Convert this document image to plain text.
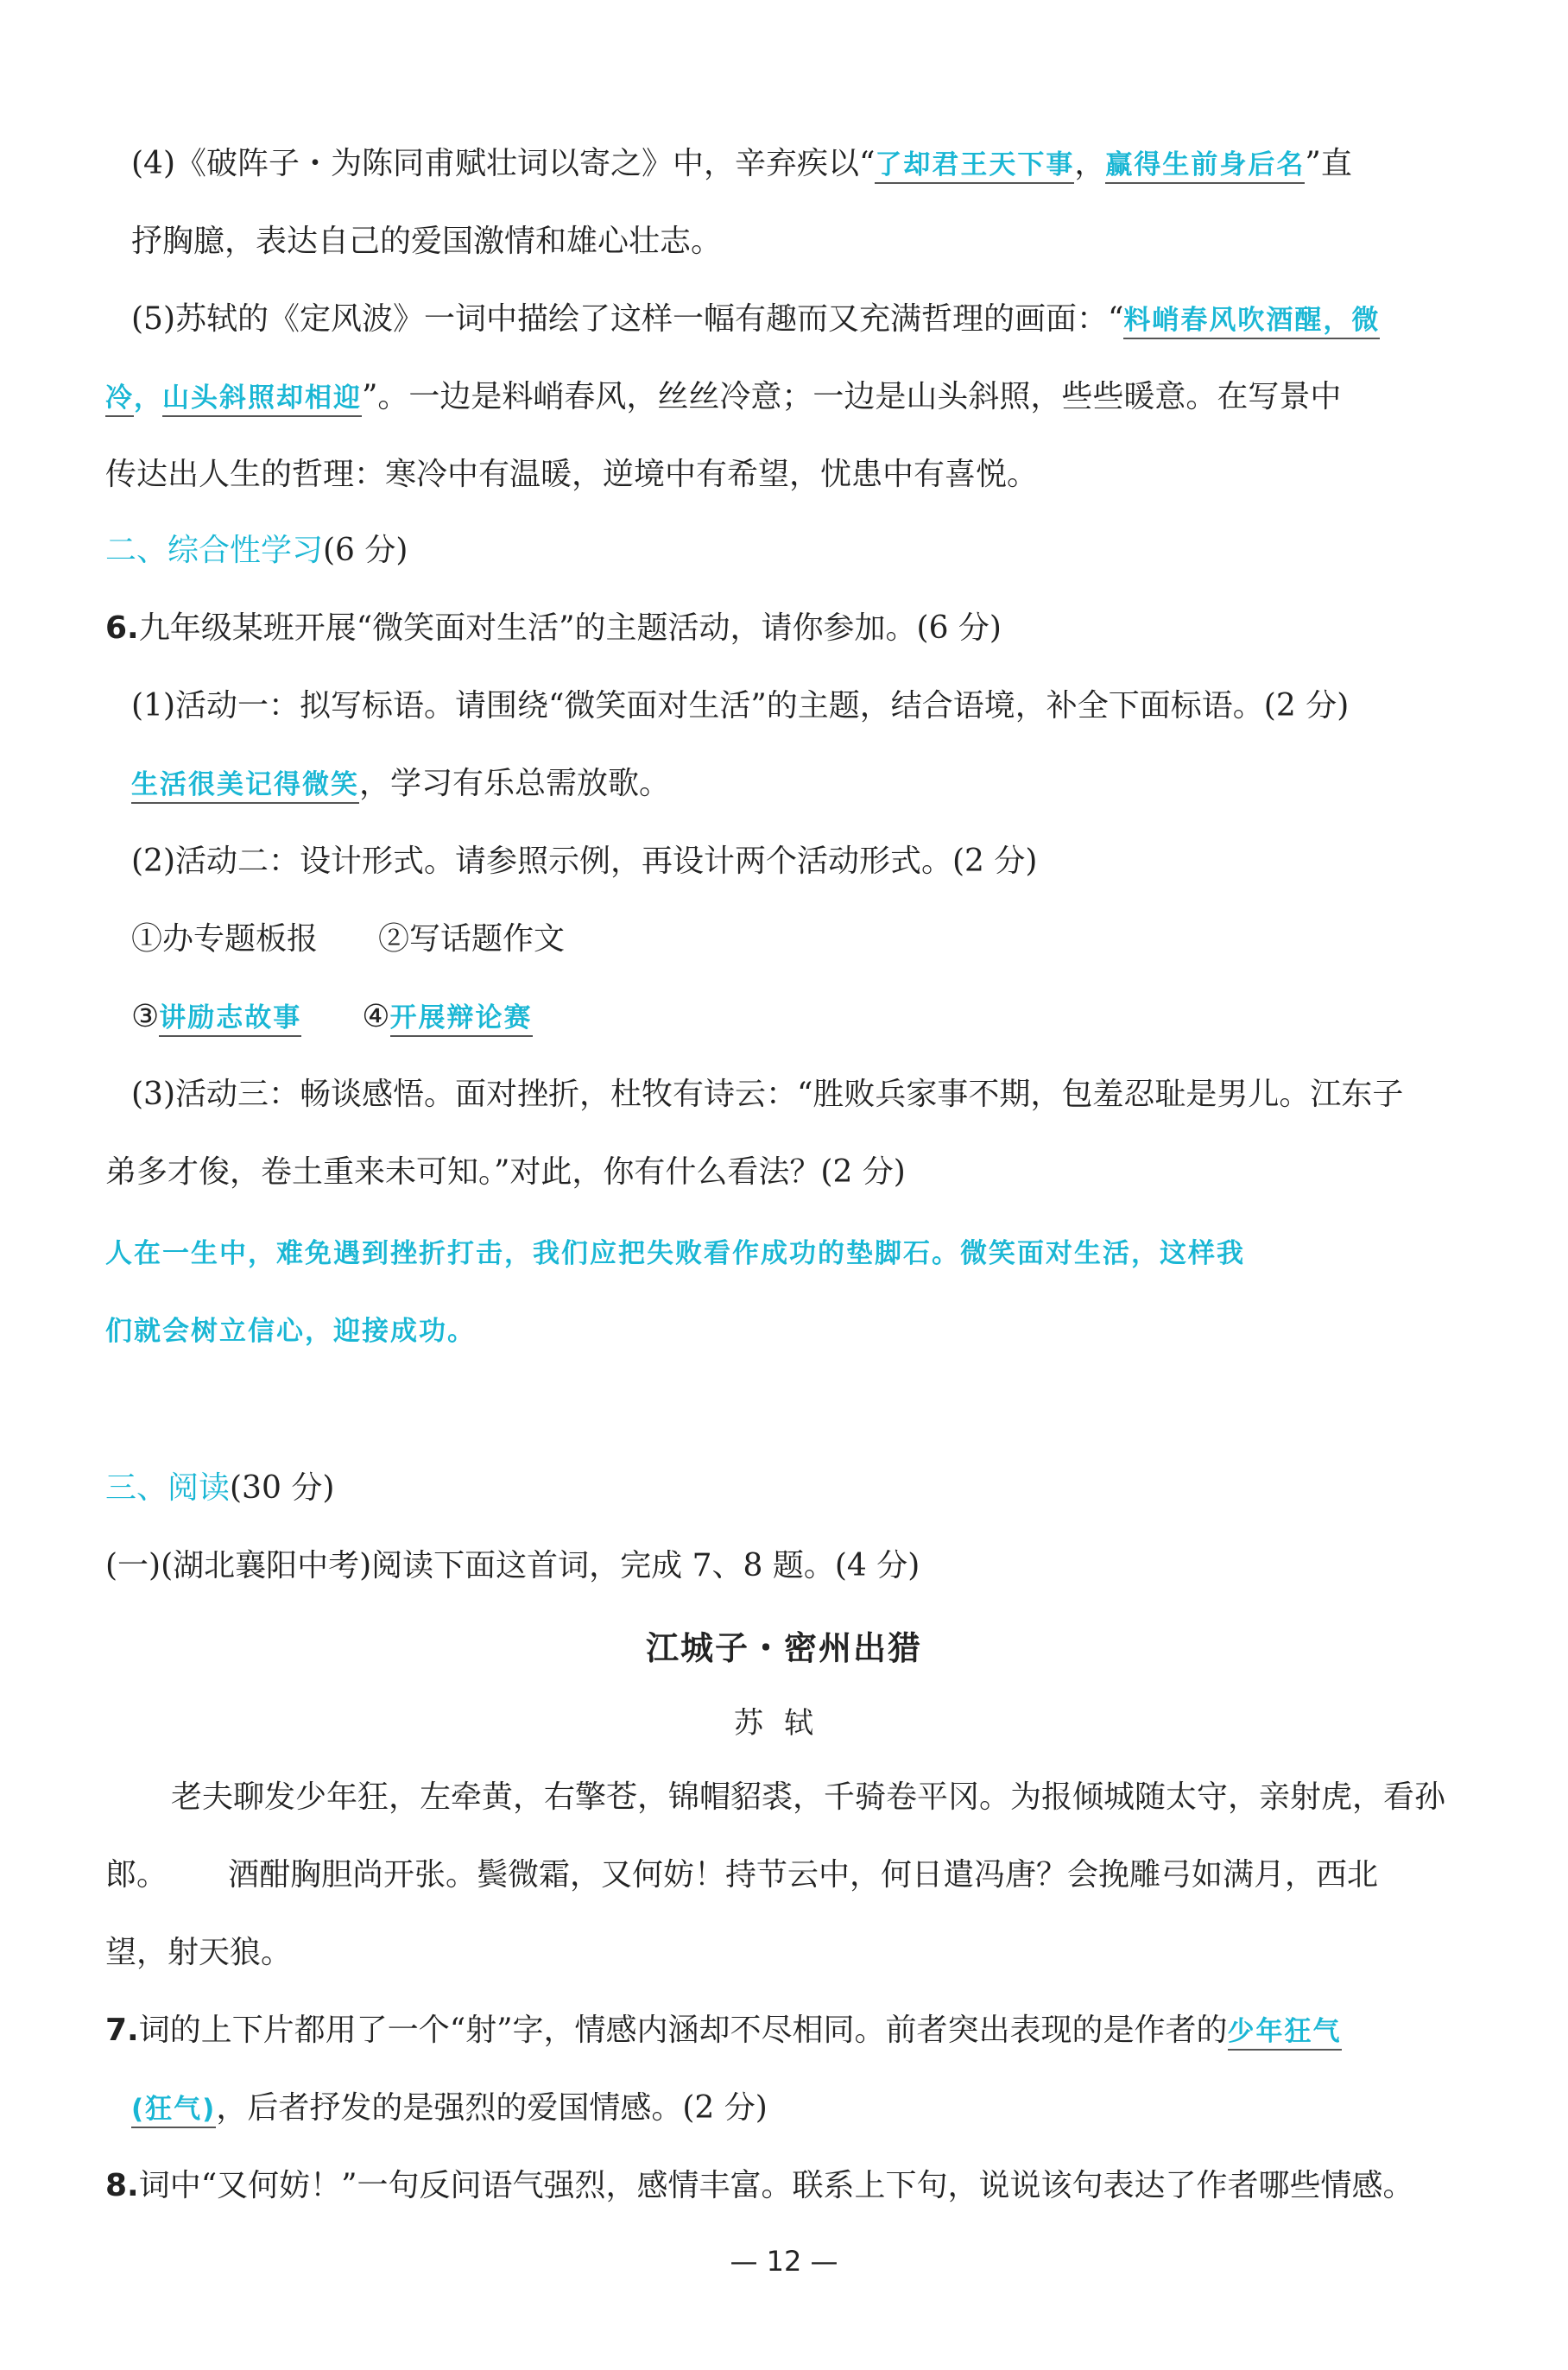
(4)《破阵子・为陈同甫赋壮词以寄之》中，辛弃疾以“了却君王天下事，赢得生前身后名”直
抒胸臆，表达自己的爱国激情和雄心壮志。
(5)苏轼的《定风波》一词中描绘了这样一幅有趣而又充满哲理的画面：“料峭春风吹酒醒，微
冷，山头斜照却相迎”。一边是料峭春风，丝丝冷意；一边是山头斜照，些些暖意。在写景中
传达出人生的哲理：寒冷中有温暖，逆境中有希望，忧患中有喜悦。
二、综合性学习(6 分)
6.九年级某班开展“微笑面对生活”的主题活动，请你参加。(6 分)
(1)活动一：拟写标语。请围绕“微笑面对生活”的主题，结合语境，补全下面标语。(2 分)
生活很美记得微笑，学习有乐总需放歌。
(2)活动二：设计形式。请参照示例，再设计两个活动形式。(2 分)
①办专题板报 ②写话题作文
③讲励志故事 ④开展辩论赛
(3)活动三：畅谈感悟。面对挫折，杜牧有诗云：“胜败兵家事不期，包羞忍耻是男儿。江东子
弟多才俊，卷土重来未可知。”对此，你有什么看法？(2 分)
人在一生中，难免遇到挫折打击，我们应把失败看作成功的垫脚石。微笑面对生活，这样我
们就会树立信心，迎接成功。
三、阅读(30 分)
(一)(湖北襄阳中考)阅读下面这首词，完成 7、8 题。(4 分)
江城子・密州出猎
苏轼
老夫聊发少年狂，左牵黄，右擎苍，锦帽貂裘，千骑卷平冈。为报倾城随太守，亲射虎，看孙
郎。 酒酣胸胆尚开张。鬓微霜，又何妨！持节云中，何日遣冯唐？会挽雕弓如满月，西北
望，射天狼。
7.词的上下片都用了一个“射”字，情感内涵却不尽相同。前者突出表现的是作者的少年狂气
(狂气)，后者抒发的是强烈的爱国情感。(2 分)
8.词中“又何妨！”一句反问语气强烈，感情丰富。联系上下句，说说该句表达了作者哪些情感。
— 12 —
